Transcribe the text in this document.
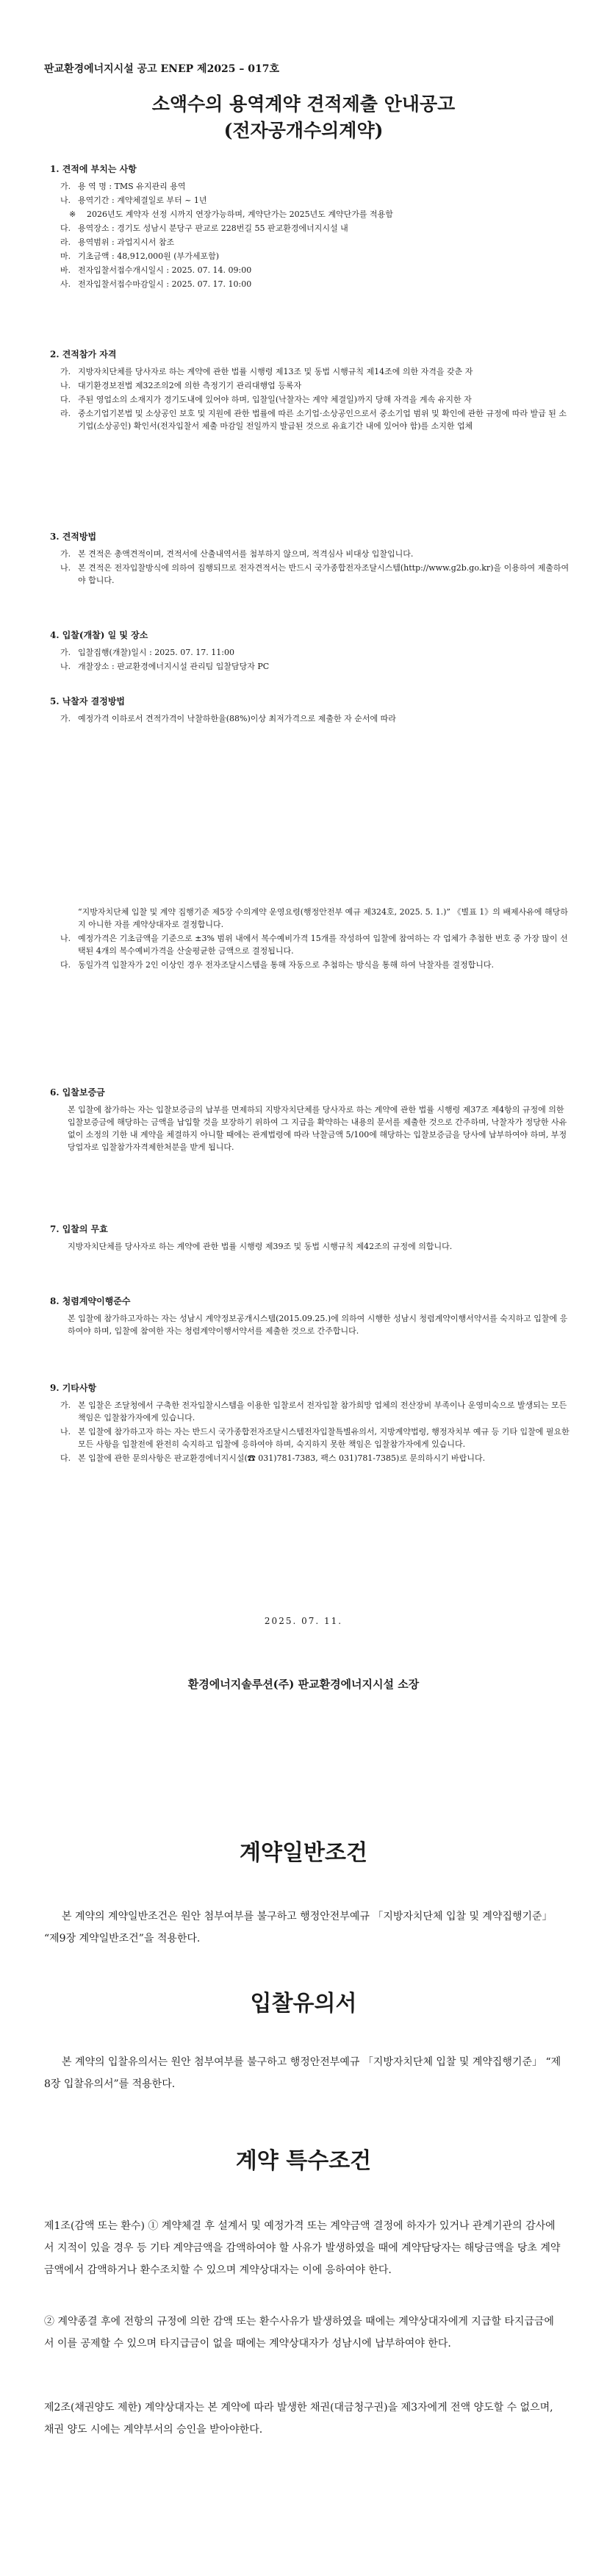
판교환경에너지시설 공고 ENEP 제2025 – 017호
소액수의 용역계약 견적제출 안내공고
(전자공개수의계약)
1. 견적에 부치는 사항
가. 용 역 명 : TMS 유지관리 용역
나. 용역기간 : 계약체결일로 부터 ~ 1년
※	2026년도 계약자 선정 시까지 연장가능하며, 계약단가는 2025년도 계약단가를 적용함
다. 용역장소 : 경기도 성남시 분당구 판교로 228번길 55 판교환경에너지시설 내
라. 용역범위 : 과업지시서 참조
마. 기초금액 : 48,912,000원 (부가세포함)
바. 전자입찰서접수개시일시 : 2025. 07. 14. 09:00
사. 전자입찰서접수마감일시 : 2025. 07. 17. 10:00
2. 견적참가 자격
가. 지방자치단체를 당사자로 하는 계약에 관한 법률 시행령 제13조 및 동법 시행규칙 제14조에 의한 자격을 갖춘 자
나. 대기환경보전법 제32조의2에 의한 측정기기 관리대행업 등록자
다. 주된 영업소의 소재지가 경기도내에 있어야 하며, 입찰일(낙찰자는 계약 체결일)까지 당해 자격을 계속 유지한 자
라. 중소기업기본법 및 소상공인 보호 및 지원에 관한 법률에 따른 소기업·소상공인으로서 중소기업 범위 및 확인에 관한 규정에 따라 발급 된 소기업(소상공인) 확인서(전자입찰서 제출 마감일 전일까지 발급된 것으로 유효기간 내에 있어야 함)를 소지한 업체
3. 견적방법
가. 본 견적은 총액견적이며, 견적서에 산출내역서를 첨부하지 않으며, 적격심사 비대상 입찰입니다.
나. 본 견적은 전자입찰방식에 의하여 집행되므로 전자견적서는 반드시 국가종합전자조달시스템(http://www.g2b.go.kr)을 이용하여 제출하여야 합니다.
4. 입찰(개찰) 일 및 장소
가. 입찰집행(개찰)일시 : 2025. 07. 17. 11:00
나. 개찰장소 : 판교환경에너지시설 관리팀 입찰담당자 PC
5. 낙찰자 결정방법
가. 예정가격 이하로서 견적가격이 낙찰하한율(88%)이상 최저가격으로 제출한 자 순서에 따라
“지방자치단체 입찰 및 계약 집행기준 제5장 수의계약 운영요령(행정안전부 예규 제324호, 2025. 5. 1.)” 《별표 1》의 배제사유에 해당하지 아니한 자를 계약상대자로 결정합니다.
나. 예정가격은 기초금액을 기준으로 ±3% 범위 내에서 복수예비가격 15개를 작성하여 입찰에 참여하는 각 업체가 추첨한 번호 중 가장 많이 선택된 4개의 복수예비가격을 산술평균한 금액으로 결정됩니다.
다. 동일가격 입찰자가 2인 이상인 경우 전자조달시스템을 통해 자동으로 추첨하는 방식을 통해 하여 낙찰자를 결정합니다.
6. 입찰보증금
본 입찰에 참가하는 자는 입찰보증금의 납부를 면제하되 지방자치단체를 당사자로 하는 계약에 관한 법률 시행령 제37조 제4항의 규정에 의한 입찰보증금에 해당하는 금액을 납입할 것을 보장하기 위하여 그 지급을 확약하는 내용의 문서를 제출한 것으로 간주하며, 낙찰자가 정당한 사유 없이 소정의 기한 내 계약을 체결하지 아니할 때에는 관계법령에 따라 낙찰금액 5/100에 해당하는 입찰보증금을 당사에 납부하여야 하며, 부정당업자로 입찰참가자격제한처분을 받게 됩니다.
7. 입찰의 무효
지방자치단체를 당사자로 하는 계약에 관한 법률 시행령 제39조 및 동법 시행규칙 제42조의 규정에 의합니다.
8. 청렴계약이행준수
본 입찰에 참가하고자하는 자는 성남시 계약정보공개시스템(2015.09.25.)에 의하여 시행한 성남시 청렴계약이행서약서를 숙지하고 입찰에 응하여야 하며, 입찰에 참여한 자는 청렴계약이행서약서를 제출한 것으로 간주합니다.
9. 기타사항
가. 본 입찰은 조달청에서 구축한 전자입찰시스템을 이용한 입찰로서 전자입찰 참가희망 업체의 전산장비 부족이나 운영미숙으로 발생되는 모든 책임은 입찰참가자에게 있습니다.
나. 본 입찰에 참가하고자 하는 자는 반드시 국가종합전자조달시스템전자입찰특별유의서, 지방계약법령, 행정자치부 예규 등 기타 입찰에 필요한 모든 사항을 입찰전에 완전히 숙지하고 입찰에 응하여야 하며, 숙지하지 못한 책임은 입찰참가자에게 있습니다.
다. 본 입찰에 관한 문의사항은 판교환경에너지시설(☎ 031)781-7383, 팩스 031)781-7385)로 문의하시기 바랍니다.
2025. 07. 11.
환경에너지솔루션(주) 판교환경에너지시설 소장
계약일반조건
본 계약의 계약일반조건은 원안 첨부여부를 불구하고 행정안전부예규 「지방자치단체 입찰 및 계약집행기준」 “제9장 계약일반조건”을 적용한다.
입찰유의서
본 계약의 입찰유의서는 원안 첨부여부를 불구하고 행정안전부예규 「지방자치단체 입찰 및 계약집행기준」 “제8장 입찰유의서”를 적용한다.
계약 특수조건
제1조(감액 또는 환수) ① 계약체결 후 설계서 및 예정가격 또는 계약금액 결정에 하자가 있거나 관계기관의 감사에서 지적이 있을 경우 등 기타 계약금액을 감액하여야 할 사유가 발생하였을 때에 계약담당자는 해당금액을 당초 계약금액에서 감액하거나 환수조치할 수 있으며 계약상대자는 이에 응하여야 한다.
② 계약종결 후에 전항의 규정에 의한 감액 또는 환수사유가 발생하였을 때에는 계약상대자에게 지급할 타지급금에서 이를 공제할 수 있으며 타지급금이 없을 때에는 계약상대자가 성남시에 납부하여야 한다.
제2조(채권양도 제한) 계약상대자는 본 계약에 따라 발생한 채권(대금청구권)을 제3자에게 전액 양도할 수 없으며, 채권 양도 시에는 계약부서의 승인을 받아야한다.
